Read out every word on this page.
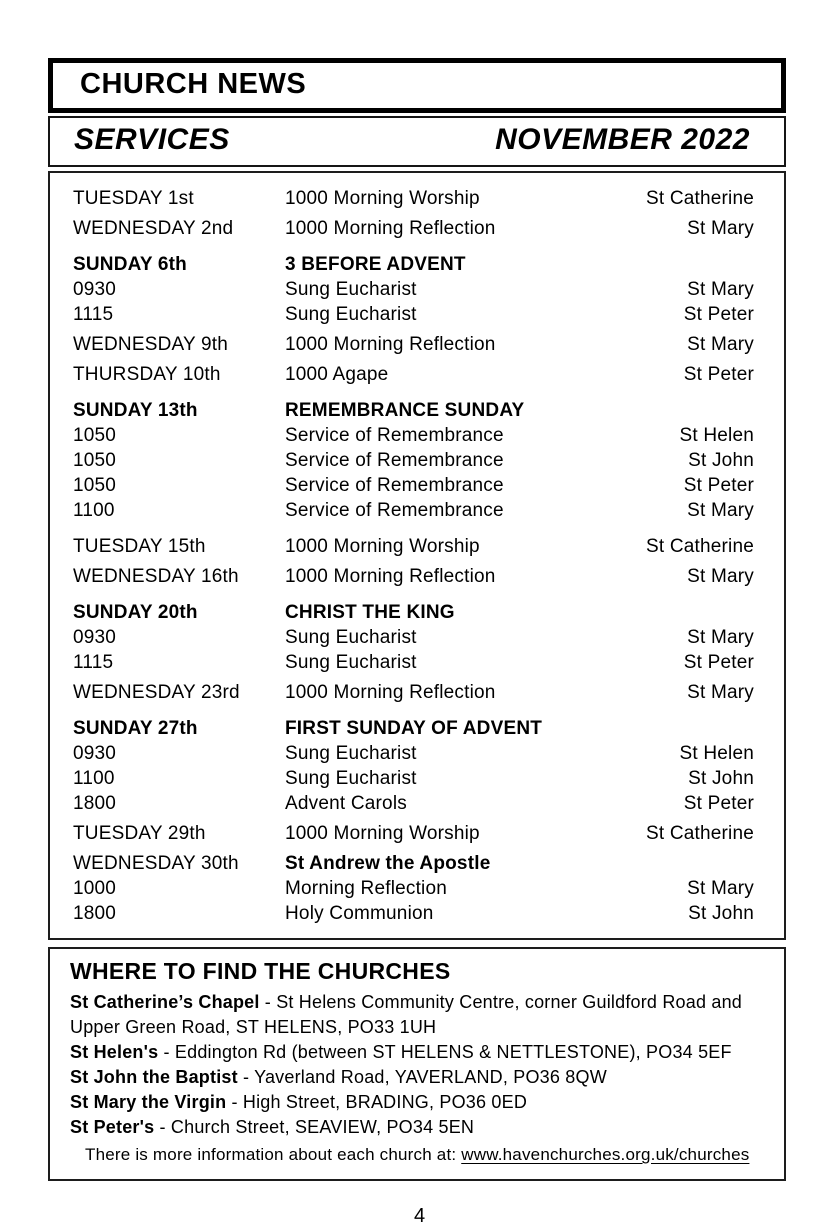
CHURCH NEWS
SERVICES	NOVEMBER 2022
TUESDAY 1st	1000 Morning Worship	St Catherine
WEDNESDAY 2nd	1000 Morning Reflection	St Mary
SUNDAY 6th	3 BEFORE ADVENT
0930	Sung Eucharist	St Mary
1115	Sung Eucharist	St Peter
WEDNESDAY 9th	1000 Morning Reflection	St Mary
THURSDAY 10th	1000 Agape	St Peter
SUNDAY 13th	REMEMBRANCE SUNDAY
1050	Service of Remembrance	St Helen
1050	Service of Remembrance	St John
1050	Service of Remembrance	St Peter
1100	Service of Remembrance	St Mary
TUESDAY 15th	1000 Morning Worship	St Catherine
WEDNESDAY 16th	1000 Morning Reflection	St Mary
SUNDAY 20th	CHRIST THE KING
0930	Sung Eucharist	St Mary
1115	Sung Eucharist	St Peter
WEDNESDAY 23rd	1000 Morning Reflection	St Mary
SUNDAY 27th	FIRST SUNDAY OF ADVENT
0930	Sung Eucharist	St Helen
1100	Sung Eucharist	St John
1800	Advent Carols	St Peter
TUESDAY 29th	1000 Morning Worship	St Catherine
WEDNESDAY 30th	St Andrew the Apostle
1000	Morning Reflection	St Mary
1800	Holy Communion	St John
WHERE TO FIND THE CHURCHES
St Catherine’s Chapel - St Helens Community Centre, corner Guildford Road and Upper Green Road, ST HELENS, PO33 1UH
St Helen's - Eddington Rd (between ST HELENS & NETTLESTONE), PO34 5EF
St John the Baptist - Yaverland Road, YAVERLAND, PO36 8QW
St Mary the Virgin - High Street, BRADING, PO36 0ED
St Peter's - Church Street, SEAVIEW, PO34 5EN
There is more information about each church at: www.havenchurches.org.uk/churches
4
